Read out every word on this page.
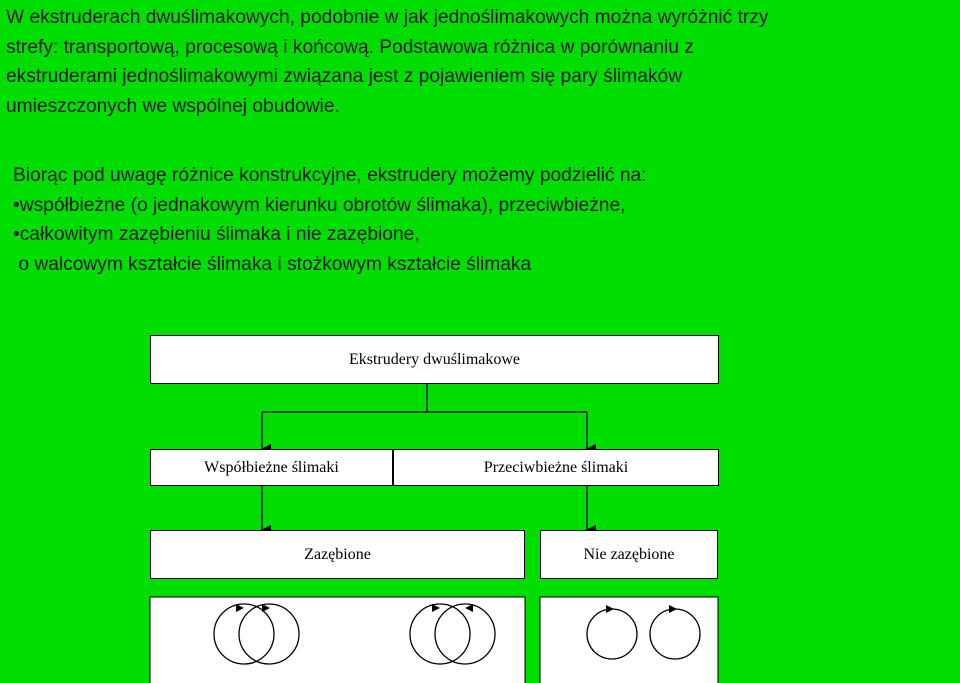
W ekstruderach dwuślimakowych, podobnie w jak jednoślimakowych można wyróżnić trzy
strefy: transportową, procesową i końcową. Podstawowa różnica w porównaniu z
ekstruderami jednoślimakowymi związana jest z pojawieniem się pary ślimaków
umieszczonych we wspólnej obudowie.
Biorąc pod uwagę różnice konstrukcyjne, ekstrudery możemy podzielić na:
•współbieżne (o jednakowym kierunku obrotów ślimaka), przeciwbieżne,
•całkowitym zazębieniu ślimaka i nie zazębione,
o walcowym kształcie ślimaka i stożkowym kształcie ślimaka
Ekstrudery dwuślimakowe
Współbieżne ślimaki	Przeciwbieżne ślimaki
Zazębione	Nie zazębione
